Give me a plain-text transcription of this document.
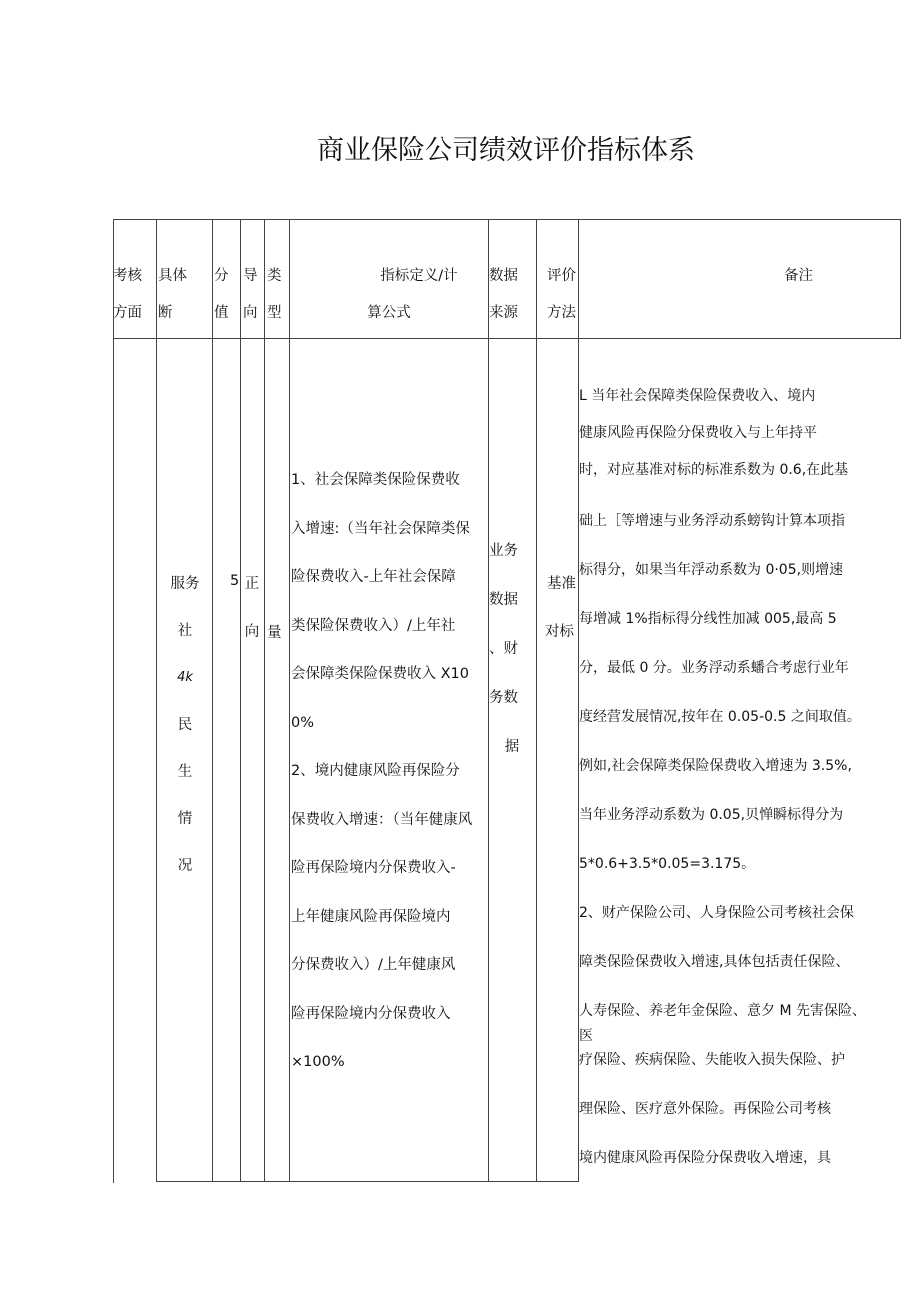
商业保险公司绩效评价指标体系
考核
方面
具体
断
分
值
导
向
类
型
指标定义/计
算公式
数据
来源
评价
方法
备注
服务
社
4k
民
生
情
况
5 正
向 量
1、社会保障类保险保费收
入增速:（当年社会保障类保
险保费收入-上年社会保障
类保险保费收入）/上年社
会保障类保险保费收入 X10
0%
2、境内健康风险再保险分
保费收入增速：（当年健康风
险再保险境内分保费收入-
上年健康风险再保险境内
分保费收入）/上年健康风
险再保险境内分保费收入
×100%
业务
数据
、财
务数
据
基准
对标
L 当年社会保障类保险保费收入、境内
健康风险再保险分保费收入与上年持平
时，对应基准对标的标准系数为 0.6,在此基
础上［等增速与业务浮动系螃钩计算本项指
标得分，如果当年浮动系数为 0·05,则增速
每增减 1%指标得分线性加减 005,最高 5
分，最低 0 分。业务浮动系蟠合考虑行业年
度经营发展情况,按年在 0.05-0.5 之间取值。
例如,社会保障类保险保费收入增速为 3.5%,
当年业务浮动系数为 0.05,贝惮瞬标得分为
5*0.6+3.5*0.05=3.175。
2、财产保险公司、人身保险公司考核社会保
障类保险保费收入增速,具体包括责任保险、
人寿保险、养老年金保险、意夕 M 先害保险、
医
疗保险、疾病保险、失能收入损失保险、护
理保险、医疗意外保险。再保险公司考核
境内健康风险再保险分保费收入增速，具
